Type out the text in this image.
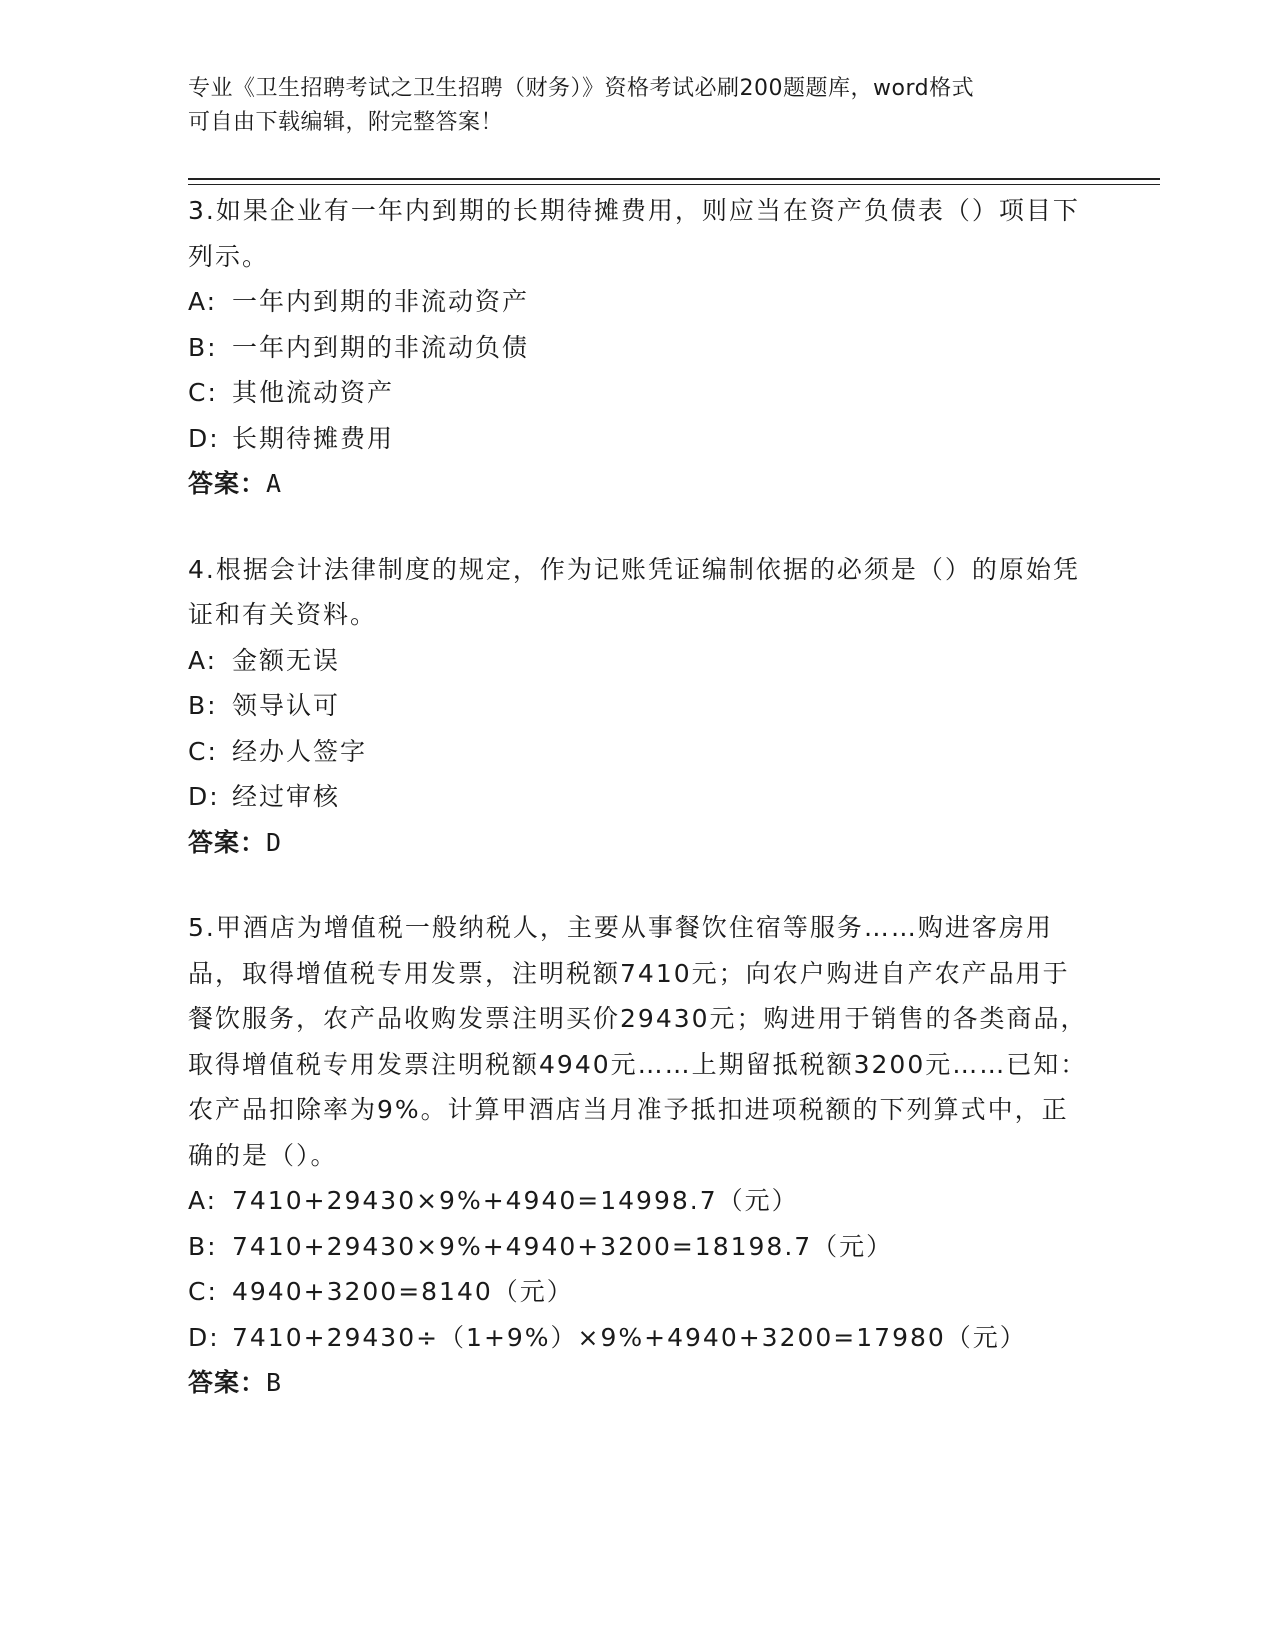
专业《卫生招聘考试之卫生招聘（财务）》资格考试必刷200题题库，word格式
可自由下载编辑，附完整答案！

3.如果企业有一年内到期的长期待摊费用，则应当在资产负债表（）项目下列示。

A: 一年内到期的非流动资产
B: 一年内到期的非流动负债
C: 其他流动资产
D: 长期待摊费用
答案：A

4.根据会计法律制度的规定，作为记账凭证编制依据的必须是（）的原始凭证和有关资料。

A: 金额无误
B: 领导认可
C: 经办人签字
D: 经过审核
答案：D

5.甲酒店为增值税一般纳税人，主要从事餐饮住宿等服务……购进客房用品，取得增值税专用发票，注明税额7410元；向农户购进自产农产品用于餐饮服务，农产品收购发票注明买价29430元；购进用于销售的各类商品，取得增值税专用发票注明税额4940元……上期留抵税额3200元……已知：农产品扣除率为9%。计算甲酒店当月准予抵扣进项税额的下列算式中，正确的是（）。

A: 7410+29430×9%+4940=14998.7（元）
B: 7410+29430×9%+4940+3200=18198.7（元）
C: 4940+3200=8140（元）
D: 7410+29430÷（1+9%）×9%+4940+3200=17980（元）
答案：B
